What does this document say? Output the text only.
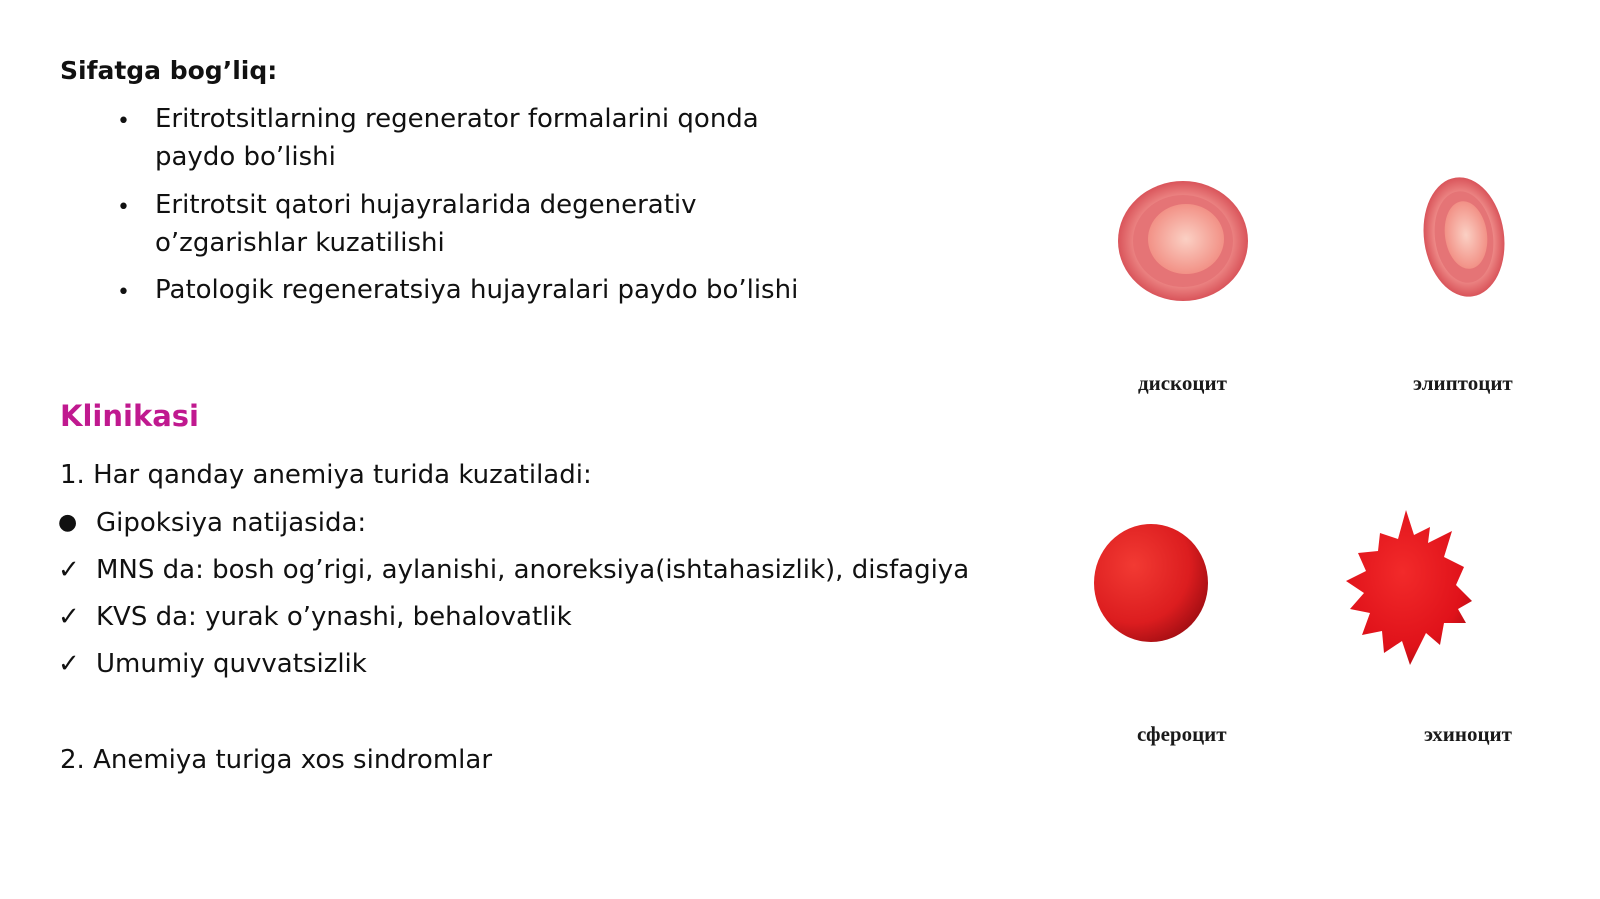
Sifatga bog’liq:
• Eritrotsitlarning regenerator formalarini qonda
paydo bo’lishi
• Eritrotsit qatori hujayralarida degenerativ
o’zgarishlar kuzatilishi
• Patologik regeneratsiya hujayralari paydo bo’lishi
Klinikasi
1. Har qanday anemiya turida kuzatiladi:
● Gipoksiya natijasida:
✓ MNS da: bosh og’rigi, aylanishi, anoreksiya(ishtahasizlik), disfagiya
✓ KVS da: yurak o’ynashi, behalovatlik
✓ Umumiy quvvatsizlik
2. Anemiya turiga xos sindromlar
дискоцит	элиптоцит
сфероцит	эхиноцит
